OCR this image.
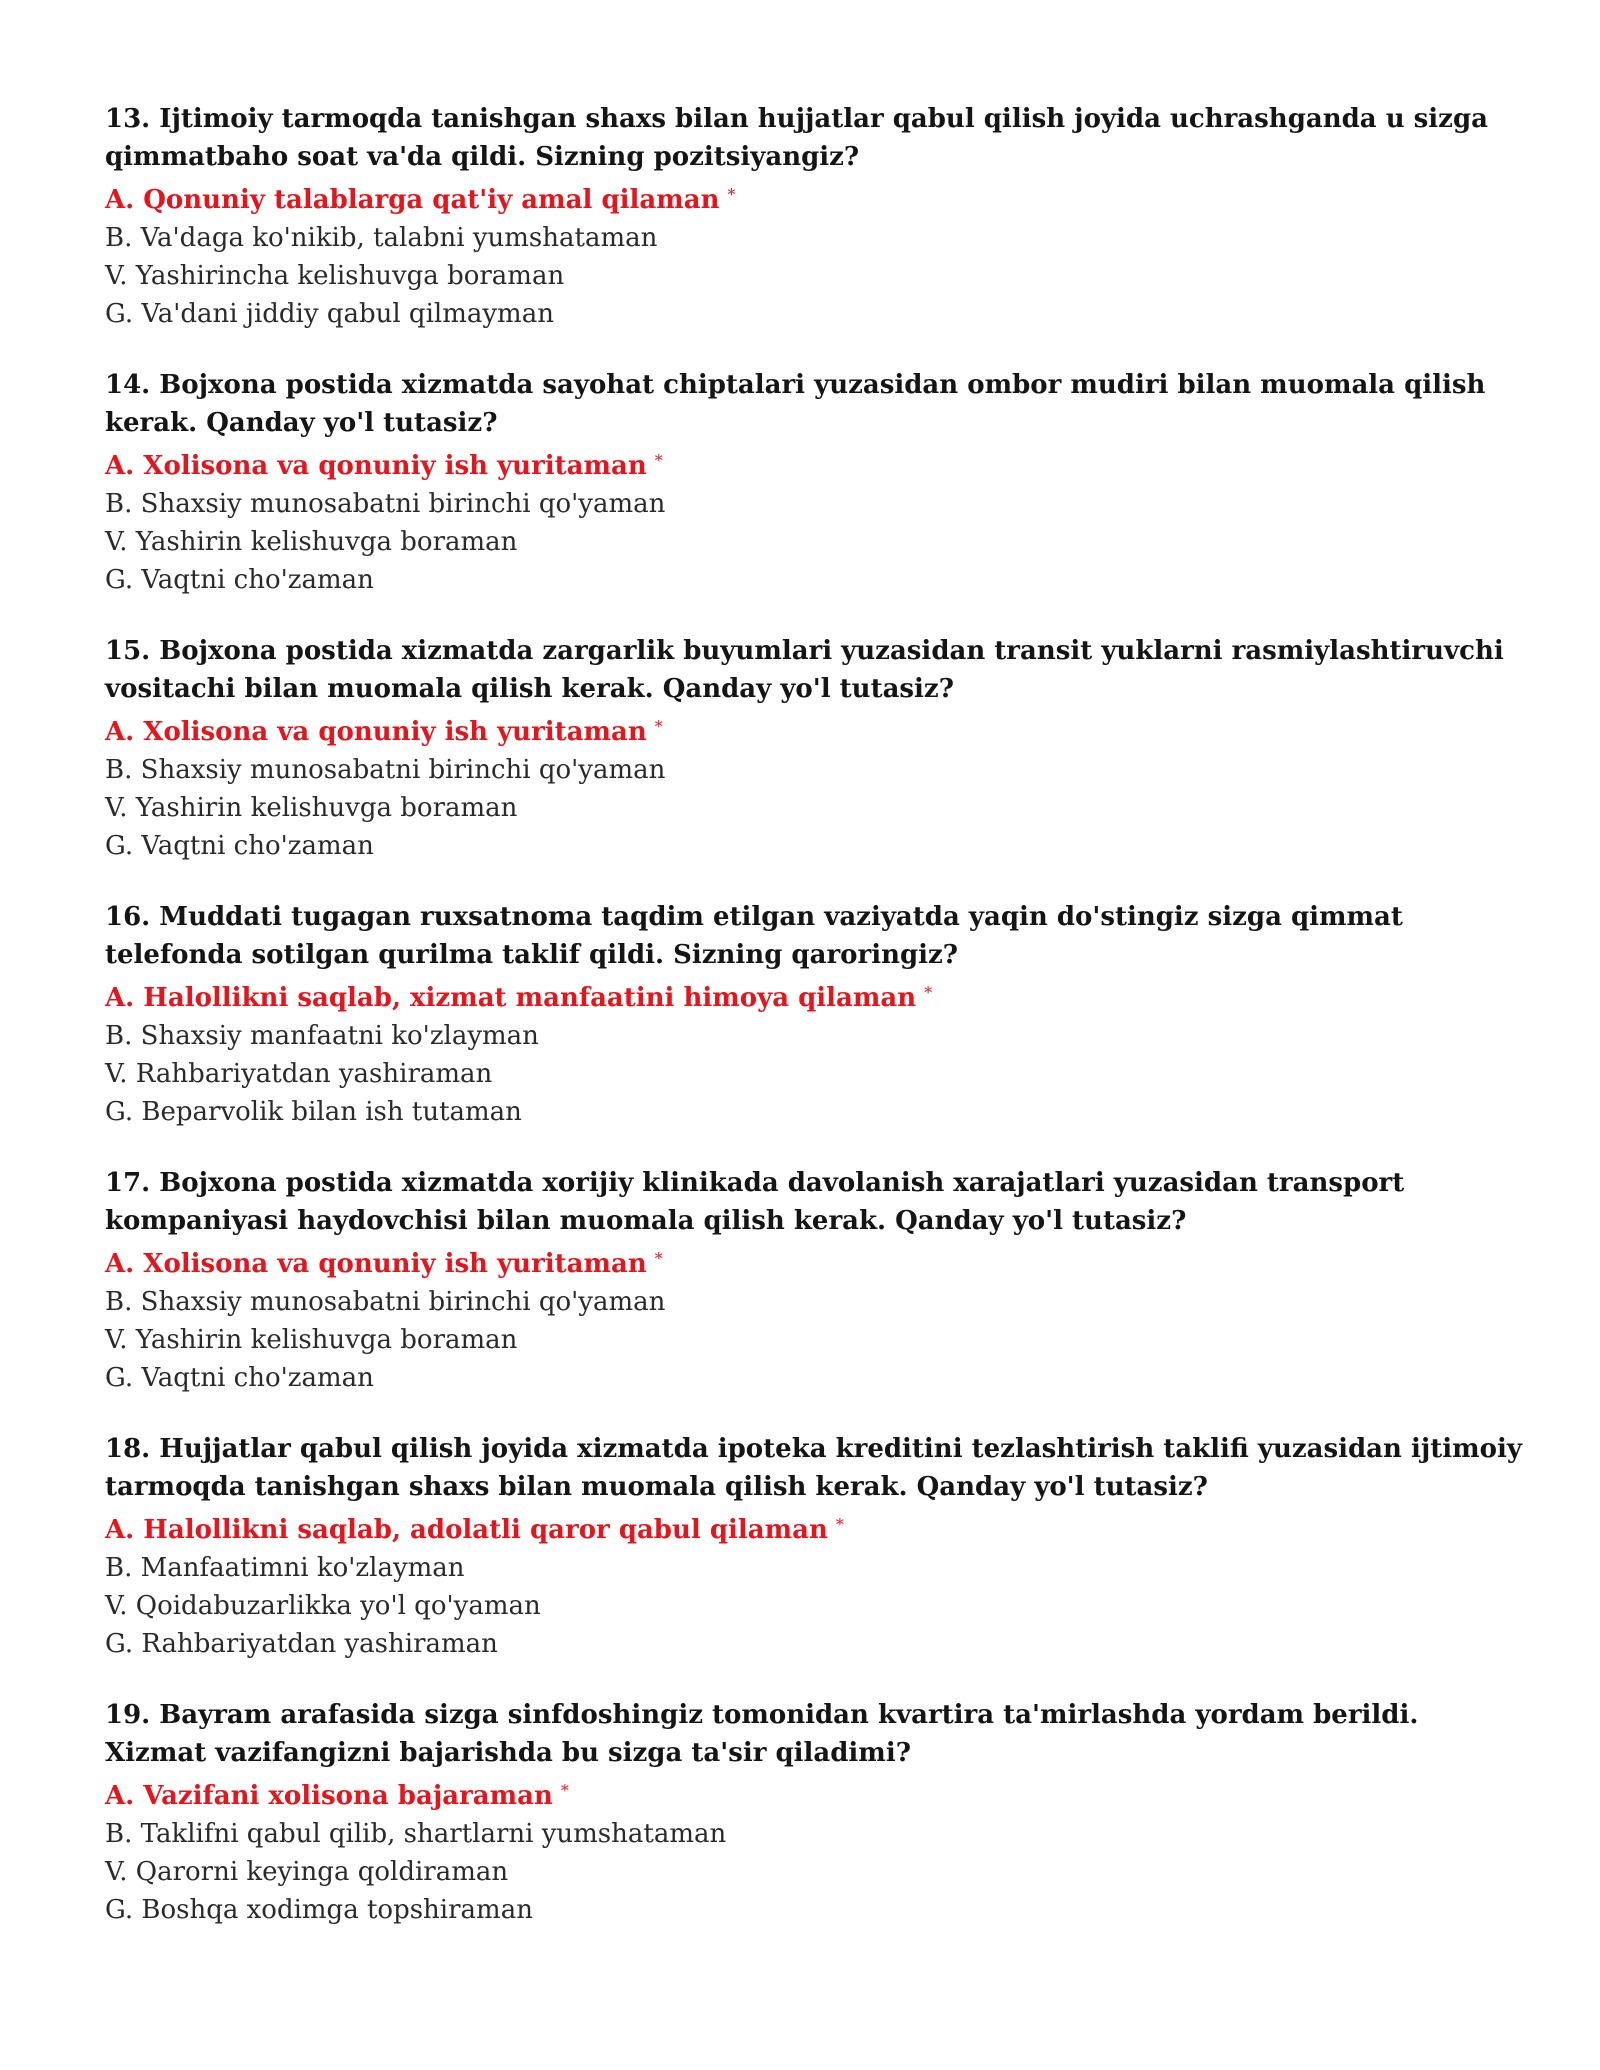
13. Ijtimoiy tarmoqda tanishgan shaxs bilan hujjatlar qabul qilish joyida uchrashganda u sizga qimmatbaho soat va'da qildi. Sizning pozitsiyangiz?

A. Qonuniy talablarga qat'iy amal qilaman *

B. Va'daga ko'nikib, talabni yumshataman

V. Yashirincha kelishuvga boraman

G. Va'dani jiddiy qabul qilmayman

14. Bojxona postida xizmatda sayohat chiptalari yuzasidan ombor mudiri bilan muomala qilish kerak. Qanday yo'l tutasiz?

A. Xolisona va qonuniy ish yuritaman *

B. Shaxsiy munosabatni birinchi qo'yaman

V. Yashirin kelishuvga boraman

G. Vaqtni cho'zaman

15. Bojxona postida xizmatda zargarlik buyumlari yuzasidan transit yuklarni rasmiylashtiruvchi vositachi bilan muomala qilish kerak. Qanday yo'l tutasiz?

A. Xolisona va qonuniy ish yuritaman *

B. Shaxsiy munosabatni birinchi qo'yaman

V. Yashirin kelishuvga boraman

G. Vaqtni cho'zaman

16. Muddati tugagan ruxsatnoma taqdim etilgan vaziyatda yaqin do'stingiz sizga qimmat telefonda sotilgan qurilma taklif qildi. Sizning qaroringiz?

A. Halollikni saqlab, xizmat manfaatini himoya qilaman *

B. Shaxsiy manfaatni ko'zlayman

V. Rahbariyatdan yashiraman

G. Beparvolik bilan ish tutaman

17. Bojxona postida xizmatda xorijiy klinikada davolanish xarajatlari yuzasidan transport kompaniyasi haydovchisi bilan muomala qilish kerak. Qanday yo'l tutasiz?

A. Xolisona va qonuniy ish yuritaman *

B. Shaxsiy munosabatni birinchi qo'yaman

V. Yashirin kelishuvga boraman

G. Vaqtni cho'zaman

18. Hujjatlar qabul qilish joyida xizmatda ipoteka kreditini tezlashtirish taklifi yuzasidan ijtimoiy tarmoqda tanishgan shaxs bilan muomala qilish kerak. Qanday yo'l tutasiz?

A. Halollikni saqlab, adolatli qaror qabul qilaman *

B. Manfaatimni ko'zlayman

V. Qoidabuzarlikka yo'l qo'yaman

G. Rahbariyatdan yashiraman

19. Bayram arafasida sizga sinfdoshingiz tomonidan kvartira ta'mirlashda yordam berildi. Xizmat vazifangizni bajarishda bu sizga ta'sir qiladimi?

A. Vazifani xolisona bajaraman *

B. Taklifni qabul qilib, shartlarni yumshataman

V. Qarorni keyinga qoldiraman

G. Boshqa xodimga topshiraman
